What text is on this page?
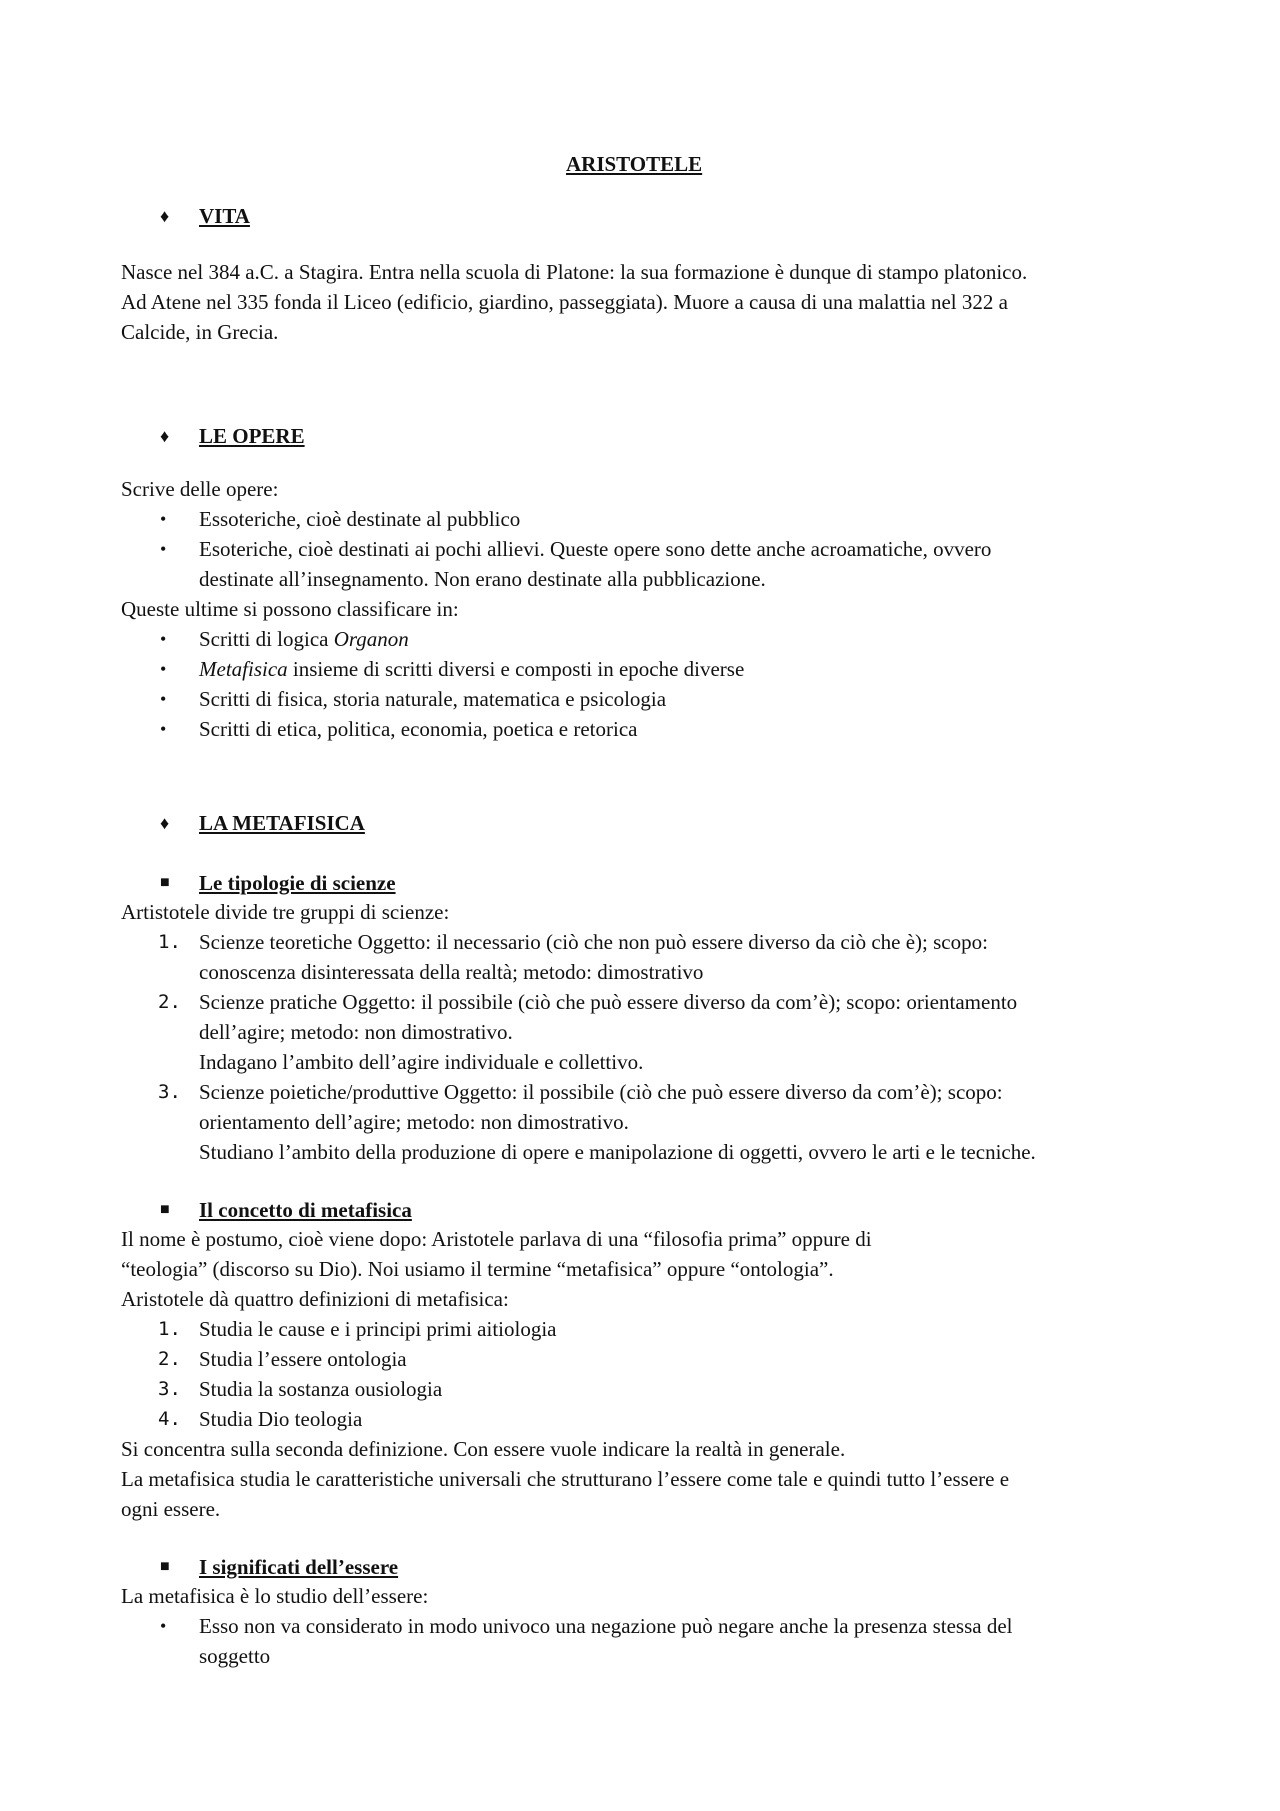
ARISTOTELE
♦ VITA
Nasce nel 384 a.C. a Stagira. Entra nella scuola di Platone: la sua formazione è dunque di stampo platonico.
Ad Atene nel 335 fonda il Liceo (edificio, giardino, passeggiata). Muore a causa di una malattia nel 322 a
Calcide, in Grecia.
♦ LE OPERE
Scrive delle opere:
• Essoteriche, cioè destinate al pubblico
• Esoteriche, cioè destinati ai pochi allievi. Queste opere sono dette anche acroamatiche, ovvero
destinate all’insegnamento. Non erano destinate alla pubblicazione.
Queste ultime si possono classificare in:
• Scritti di logica Organon
• Metafisica insieme di scritti diversi e composti in epoche diverse
• Scritti di fisica, storia naturale, matematica e psicologia
• Scritti di etica, politica, economia, poetica e retorica
♦ LA METAFISICA
■ Le tipologie di scienze
Artistotele divide tre gruppi di scienze:
1. Scienze teoretiche Oggetto: il necessario (ciò che non può essere diverso da ciò che è); scopo:
conoscenza disinteressata della realtà; metodo: dimostrativo
2. Scienze pratiche Oggetto: il possibile (ciò che può essere diverso da com’è); scopo: orientamento
dell’agire; metodo: non dimostrativo.
Indagano l’ambito dell’agire individuale e collettivo.
3. Scienze poietiche/produttive Oggetto: il possibile (ciò che può essere diverso da com’è); scopo:
orientamento dell’agire; metodo: non dimostrativo.
Studiano l’ambito della produzione di opere e manipolazione di oggetti, ovvero le arti e le tecniche.
■ Il concetto di metafisica
Il nome è postumo, cioè viene dopo: Aristotele parlava di una “filosofia prima” oppure di
“teologia” (discorso su Dio). Noi usiamo il termine “metafisica” oppure “ontologia”.
Aristotele dà quattro definizioni di metafisica:
1. Studia le cause e i principi primi aitiologia
2. Studia l’essere ontologia
3. Studia la sostanza ousiologia
4. Studia Dio teologia
Si concentra sulla seconda definizione. Con essere vuole indicare la realtà in generale.
La metafisica studia le caratteristiche universali che strutturano l’essere come tale e quindi tutto l’essere e
ogni essere.
■ I significati dell’essere
La metafisica è lo studio dell’essere:
• Esso non va considerato in modo univoco una negazione può negare anche la presenza stessa del
soggetto
